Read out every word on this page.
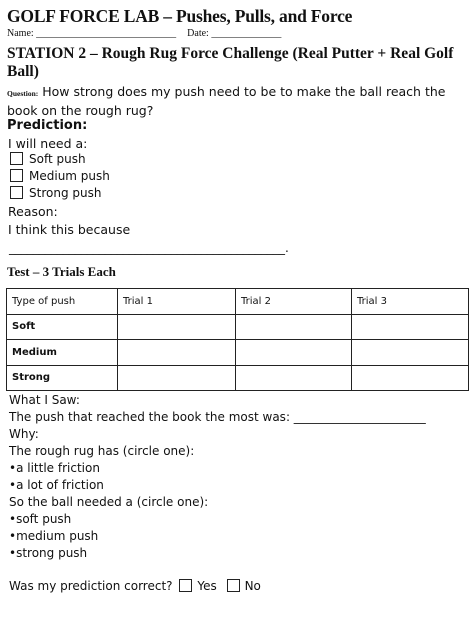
GOLF FORCE LAB – Pushes, Pulls, and Force
Name: ____________________________ Date: ______________
STATION 2 – Rough Rug Force Challenge (Real Putter + Real Golf Ball)
Question: How strong does my push need to be to make the ball reach the book on the rough rug?
Prediction:
I will need a:
Soft push
Medium push
Strong push
Reason:
I think this because
______________________________________________.
Test – 3 Trials Each
Type of push	Trial 1	Trial 2	Trial 3
Soft			
Medium			
Strong			
What I Saw:
The push that reached the book the most was: ______________________
Why:
The rough rug has (circle one):
•a little friction
•a lot of friction
So the ball needed a (circle one):
•soft push
•medium push
•strong push
Was my prediction correct? Yes No
